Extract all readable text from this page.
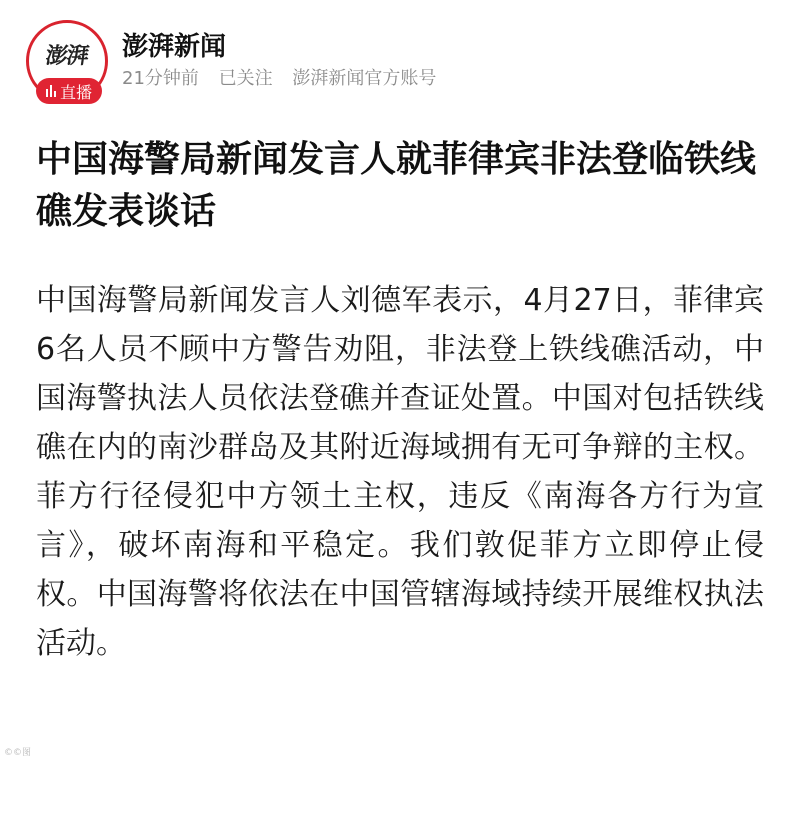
澎湃
直播
澎湃新闻
21分钟前 已关注 澎湃新闻官方账号
中国海警局新闻发言人就菲律宾非法登临铁线礁发表谈话

中国海警局新闻发言人刘德军表示，4月27日，菲律宾6名人员不顾中方警告劝阻，非法登上铁线礁活动，中国海警执法人员依法登礁并查证处置。中国对包括铁线礁在内的南沙群岛及其附近海域拥有无可争辩的主权。菲方行径侵犯中方领土主权，违反《南海各方行为宣言》，破坏南海和平稳定。我们敦促菲方立即停止侵权。中国海警将依法在中国管辖海域持续开展维权执法活动。

©©图
